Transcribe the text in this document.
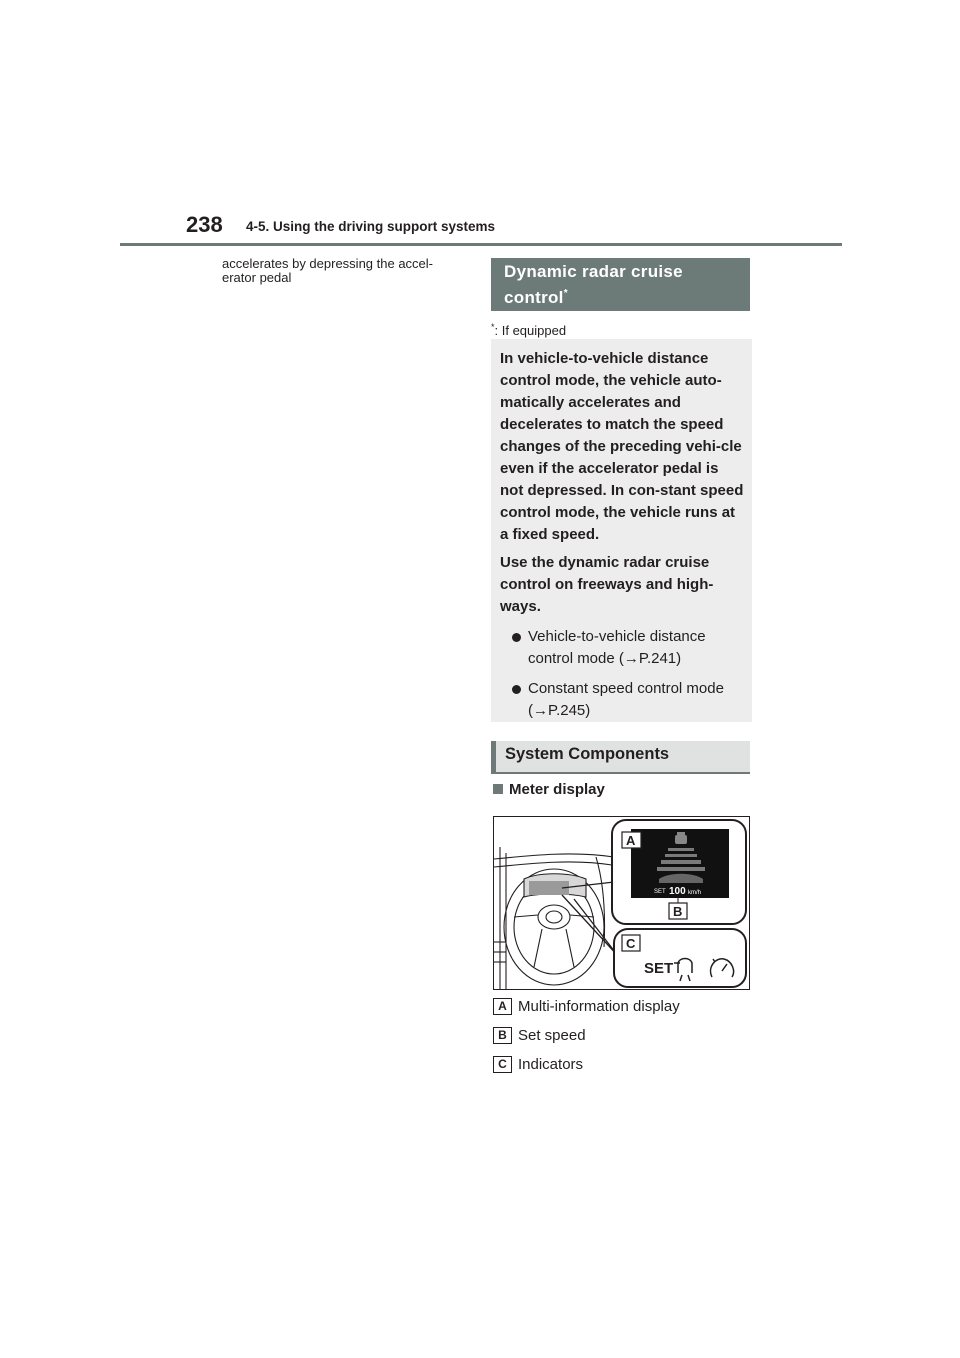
238 4-5. Using the driving support systems
accelerates by depressing the accel-erator pedal	Dynamic radar cruise control*
*: If equipped

In vehicle-to-vehicle distance control mode, the vehicle auto-matically accelerates and decelerates to match the speed changes of the preceding vehi-cle even if the accelerator pedal is not depressed. In con-stant speed control mode, the vehicle runs at a fixed speed.

Use the dynamic radar cruise control on freeways and high-ways.

Vehicle-to-vehicle distance control mode (→P.241)
Constant speed control mode (→P.245)
System Components
Meter display
SET 100 km/h
A
B
C
SET
A Multi-information display
B Set speed
C Indicators
